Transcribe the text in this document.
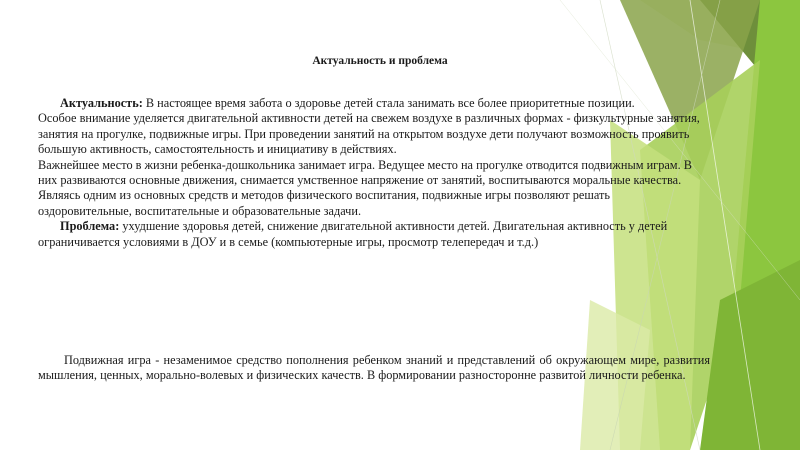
Актуальность и проблема

Актуальность: В настоящее время забота о здоровье детей стала занимать все более приоритетные позиции.

Особое внимание уделяется двигательной активности детей на свежем воздухе в различных формах - физкультурные занятия, занятия на прогулке, подвижные игры. При проведении занятий на открытом воздухе дети получают возможность проявить большую активность, самостоятельность и инициативу в действиях.

Важнейшее место в жизни ребенка-дошкольника занимает игра. Ведущее место на прогулке отводится подвижным играм. В них развиваются основные движения, снимается умственное напряжение от занятий, воспитываются моральные качества. Являясь одним из основных средств и методов физического воспитания, подвижные игры позволяют решать оздоровительные, воспитательные и образовательные задачи.

Проблема: ухудшение здоровья детей, снижение двигательной активности детей. Двигательная активность у детей ограничивается условиями в ДОУ и в семье (компьютерные игры, просмотр телепередач и т.д.)

Подвижная игра - незаменимое средство пополнения ребенком знаний и представлений об окружающем мире, развития мышления, ценных, морально-волевых и физических качеств. В формировании разносторонне развитой личности ребенка.
